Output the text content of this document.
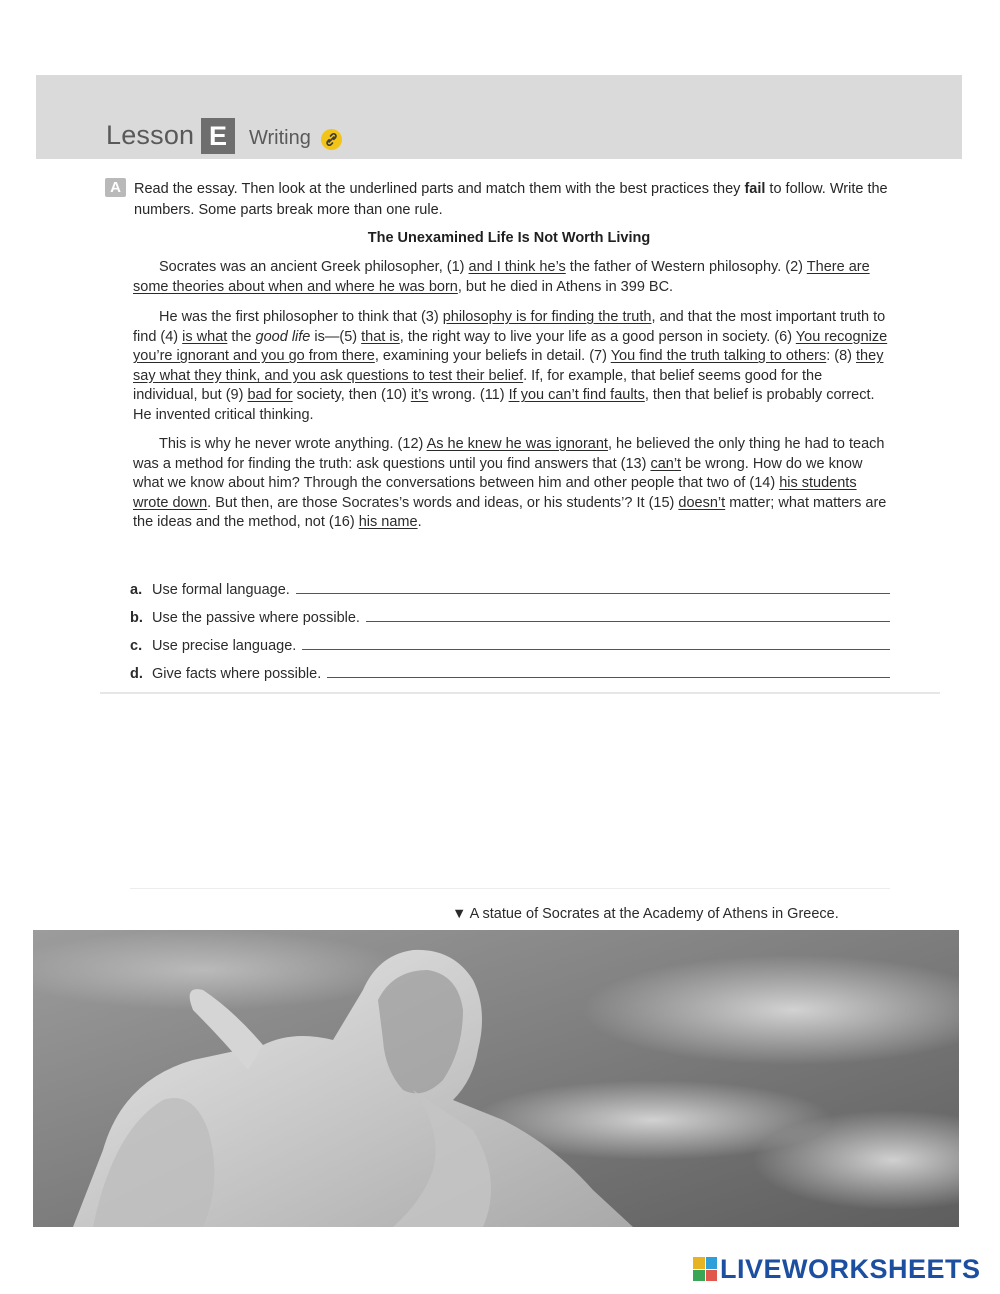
Lesson E	Writing
A Read the essay. Then look at the underlined parts and match them with the best practices they fail to follow. Write the numbers. Some parts break more than one rule.
The Unexamined Life Is Not Worth Living
Socrates was an ancient Greek philosopher, (1) and I think he’s the father of Western philosophy. (2) There are some theories about when and where he was born, but he died in Athens in 399 BC.
He was the first philosopher to think that (3) philosophy is for finding the truth, and that the most important truth to find (4) is what the good life is—(5) that is, the right way to live your life as a good person in society. (6) You recognize you’re ignorant and you go from there, examining your beliefs in detail. (7) You find the truth talking to others: (8) they say what they think, and you ask questions to test their belief. If, for example, that belief seems good for the individual, but (9) bad for society, then (10) it’s wrong. (11) If you can’t find faults, then that belief is probably correct. He invented critical thinking.
This is why he never wrote anything. (12) As he knew he was ignorant, he believed the only thing he had to teach was a method for finding the truth: ask questions until you find answers that (13) can’t be wrong. How do we know what we know about him? Through the conversations between him and other people that two of (14) his students wrote down. But then, are those Socrates’s words and ideas, or his students’? It (15) doesn’t matter; what matters are the ideas and the method, not (16) his name.
a. Use formal language.
b. Use the passive where possible.
c. Use precise language.
d. Give facts where possible.
▼ A statue of Socrates at the Academy of Athens in Greece.
LIVEWORKSHEETS
